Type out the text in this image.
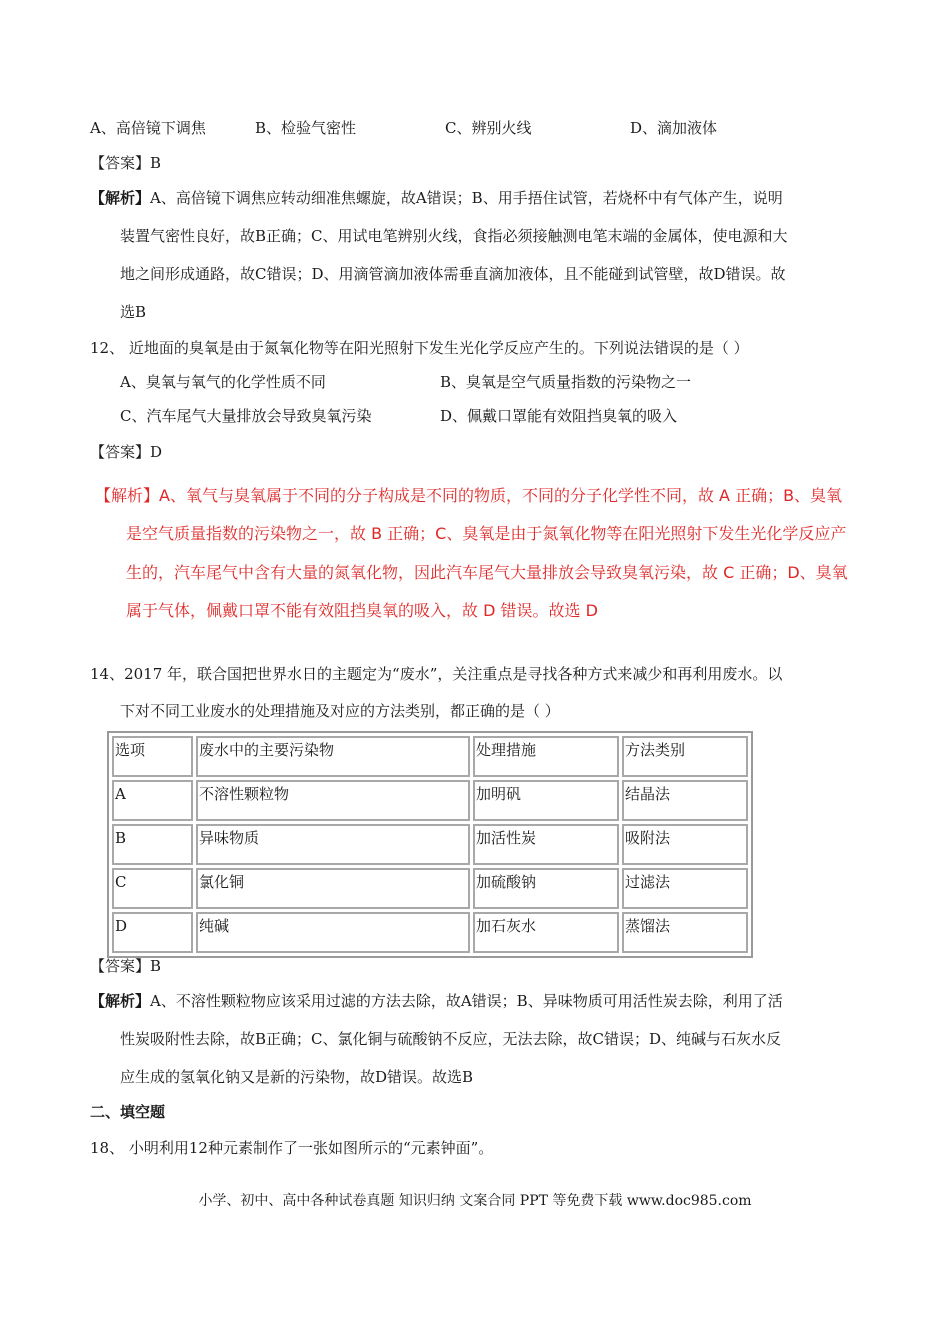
A、高倍镜下调焦	B、检验气密性	C、辨别火线	D、滴加液体
【答案】B
【解析】A、高倍镜下调焦应转动细准焦螺旋，故A错误；B、用手捂住试管，若烧杯中有气体产生，说明
装置气密性良好，故B正确；C、用试电笔辨别火线，食指必须接触测电笔末端的金属体，使电源和大
地之间形成通路，故C错误；D、用滴管滴加液体需垂直滴加液体，且不能碰到试管壁，故D错误。故
选B
12、 近地面的臭氧是由于氮氧化物等在阳光照射下发生光化学反应产生的。下列说法错误的是（ ）
A、臭氧与氧气的化学性质不同	B、臭氧是空气质量指数的污染物之一
C、汽车尾气大量排放会导致臭氧污染	D、佩戴口罩能有效阻挡臭氧的吸入
【答案】D
【解析】A、氧气与臭氧属于不同的分子构成是不同的物质，不同的分子化学性不同，故 A 正确；B、臭氧
是空气质量指数的污染物之一，故 B 正确；C、臭氧是由于氮氧化物等在阳光照射下发生光化学反应产
生的，汽车尾气中含有大量的氮氧化物，因此汽车尾气大量排放会导致臭氧污染，故 C 正确；D、臭氧
属于气体，佩戴口罩不能有效阻挡臭氧的吸入，故 D 错误。故选 D
14、2017 年，联合国把世界水日的主题定为“废水”，关注重点是寻找各种方式来减少和再利用废水。以
下对不同工业废水的处理措施及对应的方法类别，都正确的是（ ）
选项	废水中的主要污染物	处理措施	方法类别
A	不溶性颗粒物	加明矾	结晶法
B	异味物质	加活性炭	吸附法
C	氯化铜	加硫酸钠	过滤法
D	纯碱	加石灰水	蒸馏法
【答案】B
【解析】A、不溶性颗粒物应该采用过滤的方法去除，故A错误；B、异味物质可用活性炭去除，利用了活
性炭吸附性去除，故B正确；C、氯化铜与硫酸钠不反应，无法去除，故C错误；D、纯碱与石灰水反
应生成的氢氧化钠又是新的污染物，故D错误。故选B
二、填空题
18、 小明利用12种元素制作了一张如图所示的“元素钟面”。
小学、初中、高中各种试卷真题 知识归纳 文案合同 PPT 等免费下载 www.doc985.com
